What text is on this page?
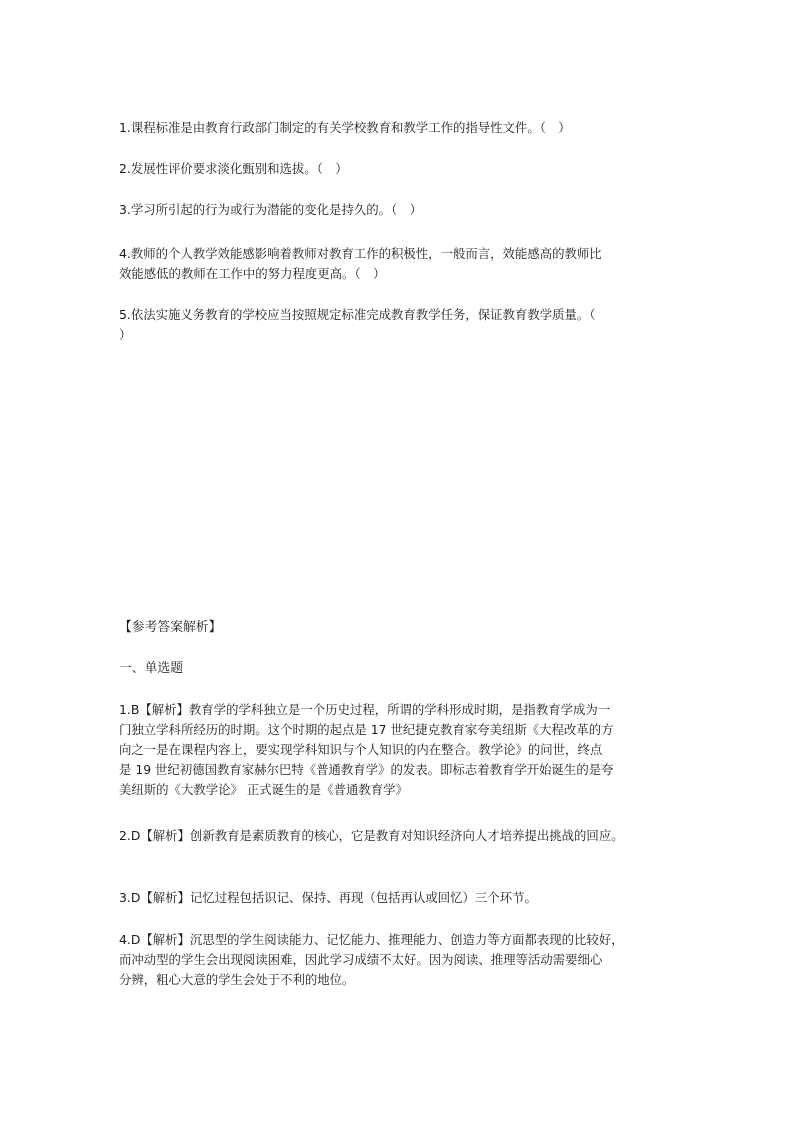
1.课程标准是由教育行政部门制定的有关学校教育和教学工作的指导性文件。（　）
2.发展性评价要求淡化甄别和选拔。（　）
3.学习所引起的行为或行为潜能的变化是持久的。（　）
4.教师的个人教学效能感影响着教师对教育工作的积极性，一般而言，效能感高的教师比
效能感低的教师在工作中的努力程度更高。（　）
5.依法实施义务教育的学校应当按照规定标准完成教育教学任务，保证教育教学质量。（
）
【参考答案解析】
一、单选题
1.B【解析】教育学的学科独立是一个历史过程，所谓的学科形成时期，是指教育学成为一
门独立学科所经历的时期。这个时期的起点是 17 世纪捷克教育家夸美纽斯《大程改革的方
向之一是在课程内容上，要实现学科知识与个人知识的内在整合。教学论》的问世，终点
是 19 世纪初德国教育家赫尔巴特《普通教育学》的发表。即标志着教育学开始诞生的是夸
美纽斯的《大教学论》 正式诞生的是《普通教育学》
2.D【解析】创新教育是素质教育的核心，它是教育对知识经济向人才培养提出挑战的回应。
3.D【解析】记忆过程包括识记、保持、再现（包括再认或回忆）三个环节。
4.D【解析】沉思型的学生阅读能力、记忆能力、推理能力、创造力等方面都表现的比较好，
而冲动型的学生会出现阅读困难，因此学习成绩不太好。因为阅读、推理等活动需要细心
分辨，粗心大意的学生会处于不利的地位。
